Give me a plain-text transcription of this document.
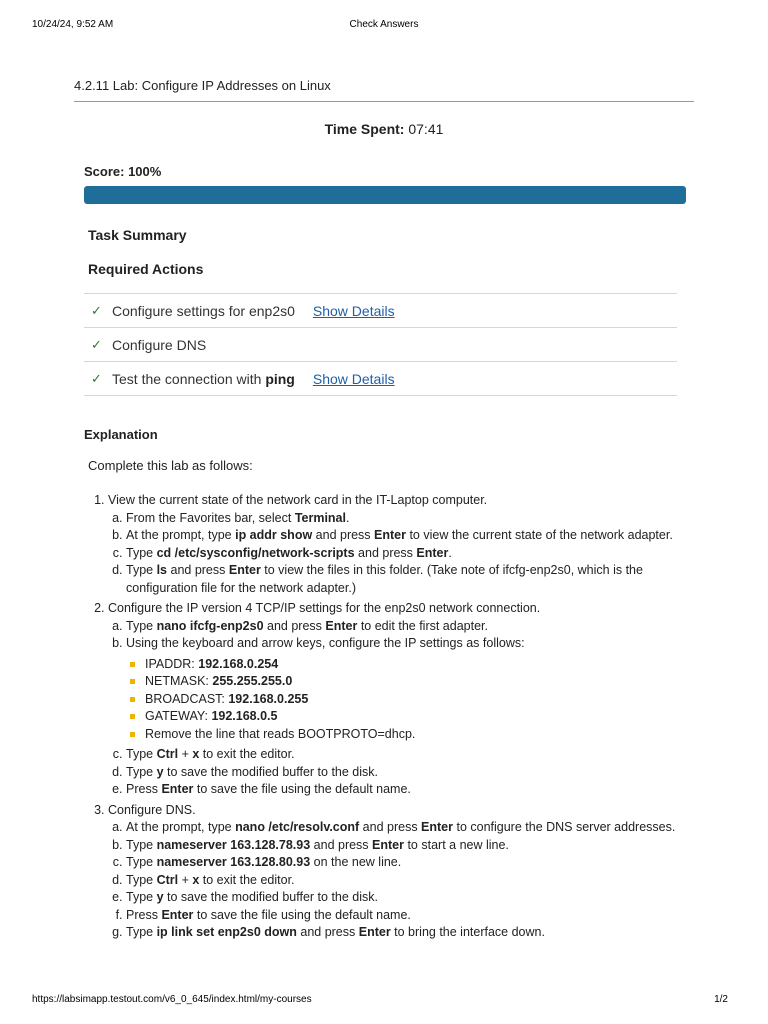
10/24/24, 9:52 AM	Check Answers
4.2.11 Lab: Configure IP Addresses on Linux
Time Spent: 07:41
Score: 100%
Task Summary
Required Actions
✓ Configure settings for enp2s0 Show Details
✓ Configure DNS
✓ Test the connection with ping Show Details
Explanation
Complete this lab as follows:
1. View the current state of the network card in the IT-Laptop computer.
a. From the Favorites bar, select Terminal.
b. At the prompt, type ip addr show and press Enter to view the current state of the network adapter.
c. Type cd /etc/sysconfig/network-scripts and press Enter.
d. Type ls and press Enter to view the files in this folder. (Take note of ifcfg-enp2s0, which is the configuration file for the network adapter.)
2. Configure the IP version 4 TCP/IP settings for the enp2s0 network connection.
a. Type nano ifcfg-enp2s0 and press Enter to edit the first adapter.
b. Using the keyboard and arrow keys, configure the IP settings as follows:
IPADDR: 192.168.0.254
NETMASK: 255.255.255.0
BROADCAST: 192.168.0.255
GATEWAY: 192.168.0.5
Remove the line that reads BOOTPROTO=dhcp.
c. Type Ctrl + x to exit the editor.
d. Type y to save the modified buffer to the disk.
e. Press Enter to save the file using the default name.
3. Configure DNS.
a. At the prompt, type nano /etc/resolv.conf and press Enter to configure the DNS server addresses.
b. Type nameserver 163.128.78.93 and press Enter to start a new line.
c. Type nameserver 163.128.80.93 on the new line.
d. Type Ctrl + x to exit the editor.
e. Type y to save the modified buffer to the disk.
f. Press Enter to save the file using the default name.
g. Type ip link set enp2s0 down and press Enter to bring the interface down.
https://labsimapp.testout.com/v6_0_645/index.html/my-courses	1/2
